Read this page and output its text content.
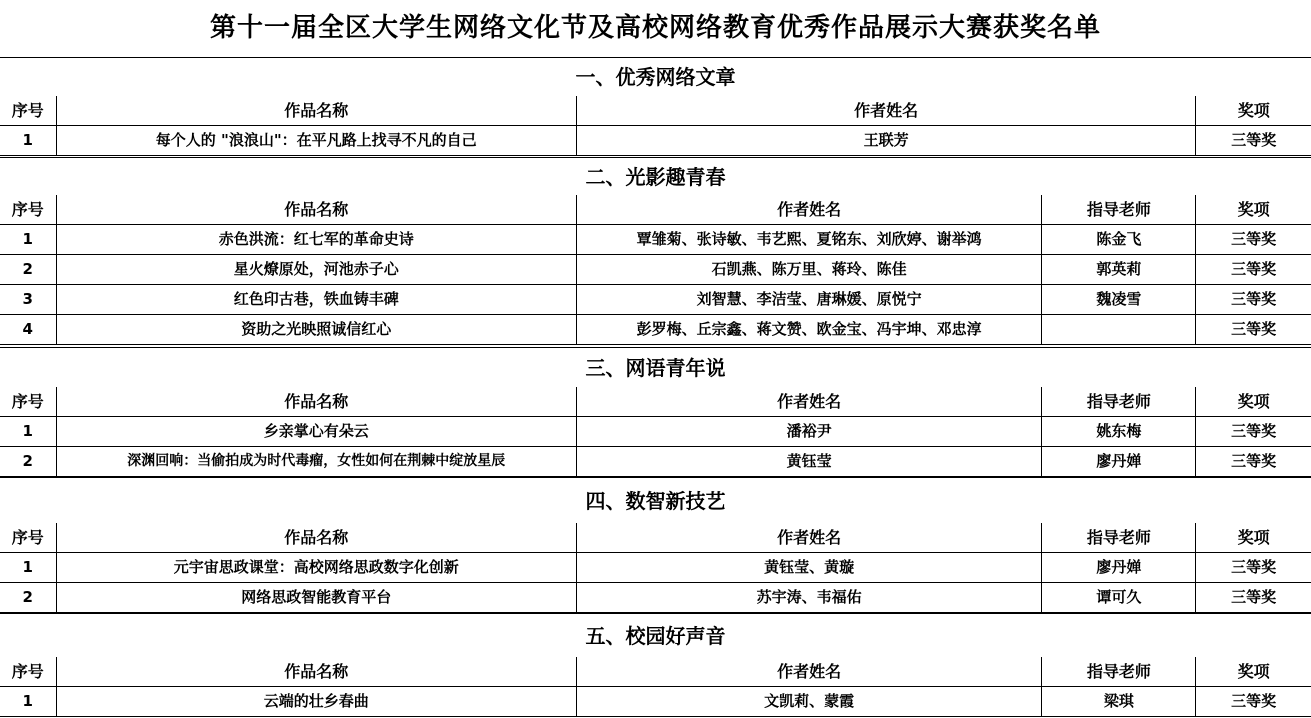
第十一届全区大学生网络文化节及高校网络教育优秀作品展示大赛获奖名单
一、优秀网络文章
序号	作品名称	作者姓名	奖项
1	每个人的 "浪浪山"：在平凡路上找寻不凡的自己	王联芳	三等奖
二、光影趣青春
序号	作品名称	作者姓名	指导老师	奖项
1	赤色洪流：红七军的革命史诗	覃雏菊、张诗敏、韦艺熙、夏铭东、刘欣婷、谢举鸿	陈金飞	三等奖
2	星火燎原处，河池赤子心	石凯燕、陈万里、蒋玲、陈佳	郭英莉	三等奖
3	红色印古巷，铁血铸丰碑	刘智慧、李洁莹、唐琳媛、原悦宁	魏凌雪	三等奖
4	资助之光映照诚信红心	彭罗梅、丘宗鑫、蒋文赞、欧金宝、冯宇坤、邓忠淳		三等奖
三、网语青年说
序号	作品名称	作者姓名	指导老师	奖项
1	乡亲掌心有朵云	潘裕尹	姚东梅	三等奖
2	深渊回响：当偷拍成为时代毒瘤，女性如何在荆棘中绽放星辰	黄钰莹	廖丹婵	三等奖
四、数智新技艺
序号	作品名称	作者姓名	指导老师	奖项
1	元宇宙思政课堂：高校网络思政数字化创新	黄钰莹、黄璇	廖丹婵	三等奖
2	网络思政智能教育平台	苏宇涛、韦福佑	谭可久	三等奖
五、校园好声音
序号	作品名称	作者姓名	指导老师	奖项
1	云端的壮乡春曲	文凯莉、蒙霞	梁琪	三等奖
